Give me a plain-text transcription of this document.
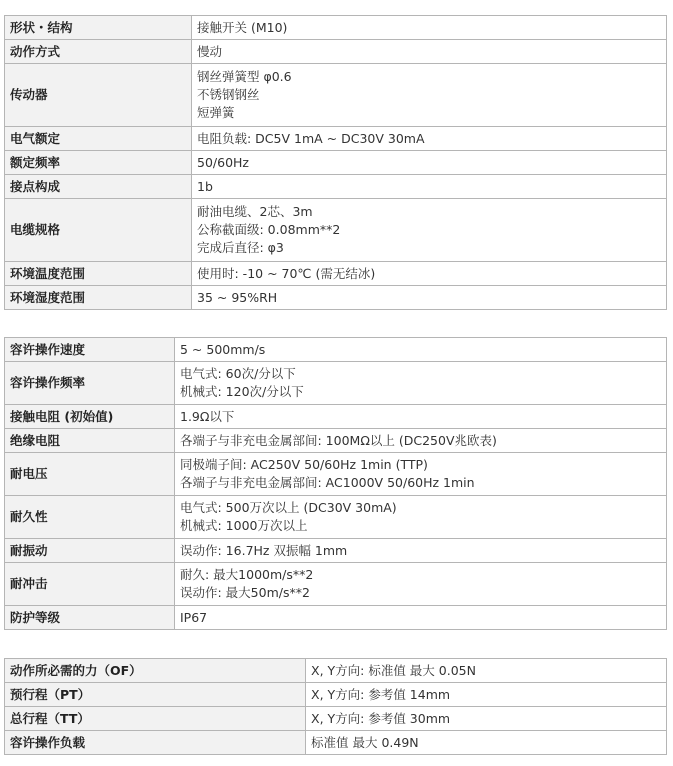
形状・结构	接触开关 (M10)

动作方式	慢动

传动器	钢丝弹簧型 φ0.6
不锈钢钢丝
短弹簧

电气额定	电阻负载: DC5V 1mA ~ DC30V 30mA

额定频率	50/60Hz

接点构成	1b

电缆规格	耐油电缆、2芯、3m
公称截面级: 0.08mm**2
完成后直径: φ3

环境温度范围	使用时: -10 ~ 70℃ (需无结冰)

环境湿度范围	35 ~ 95%RH
容许操作速度	5 ~ 500mm/s

容许操作频率	电气式: 60次/分以下
机械式: 120次/分以下

接触电阻 (初始值)	1.9Ω以下

绝缘电阻	各端子与非充电金属部间: 100MΩ以上 (DC250V兆欧表)

耐电压	同极端子间: AC250V 50/60Hz 1min (TTP)
各端子与非充电金属部间: AC1000V 50/60Hz 1min

耐久性	电气式: 500万次以上 (DC30V 30mA)
机械式: 1000万次以上

耐振动	误动作: 16.7Hz 双振幅 1mm

耐冲击	耐久: 最大1000m/s**2
误动作: 最大50m/s**2

防护等级	IP67
动作所必需的力（OF）	X, Y方向: 标准值 最大 0.05N

预行程（PT）	X, Y方向: 参考值 14mm

总行程（TT）	X, Y方向: 参考值 30mm

容许操作负载	标准值 最大 0.49N
